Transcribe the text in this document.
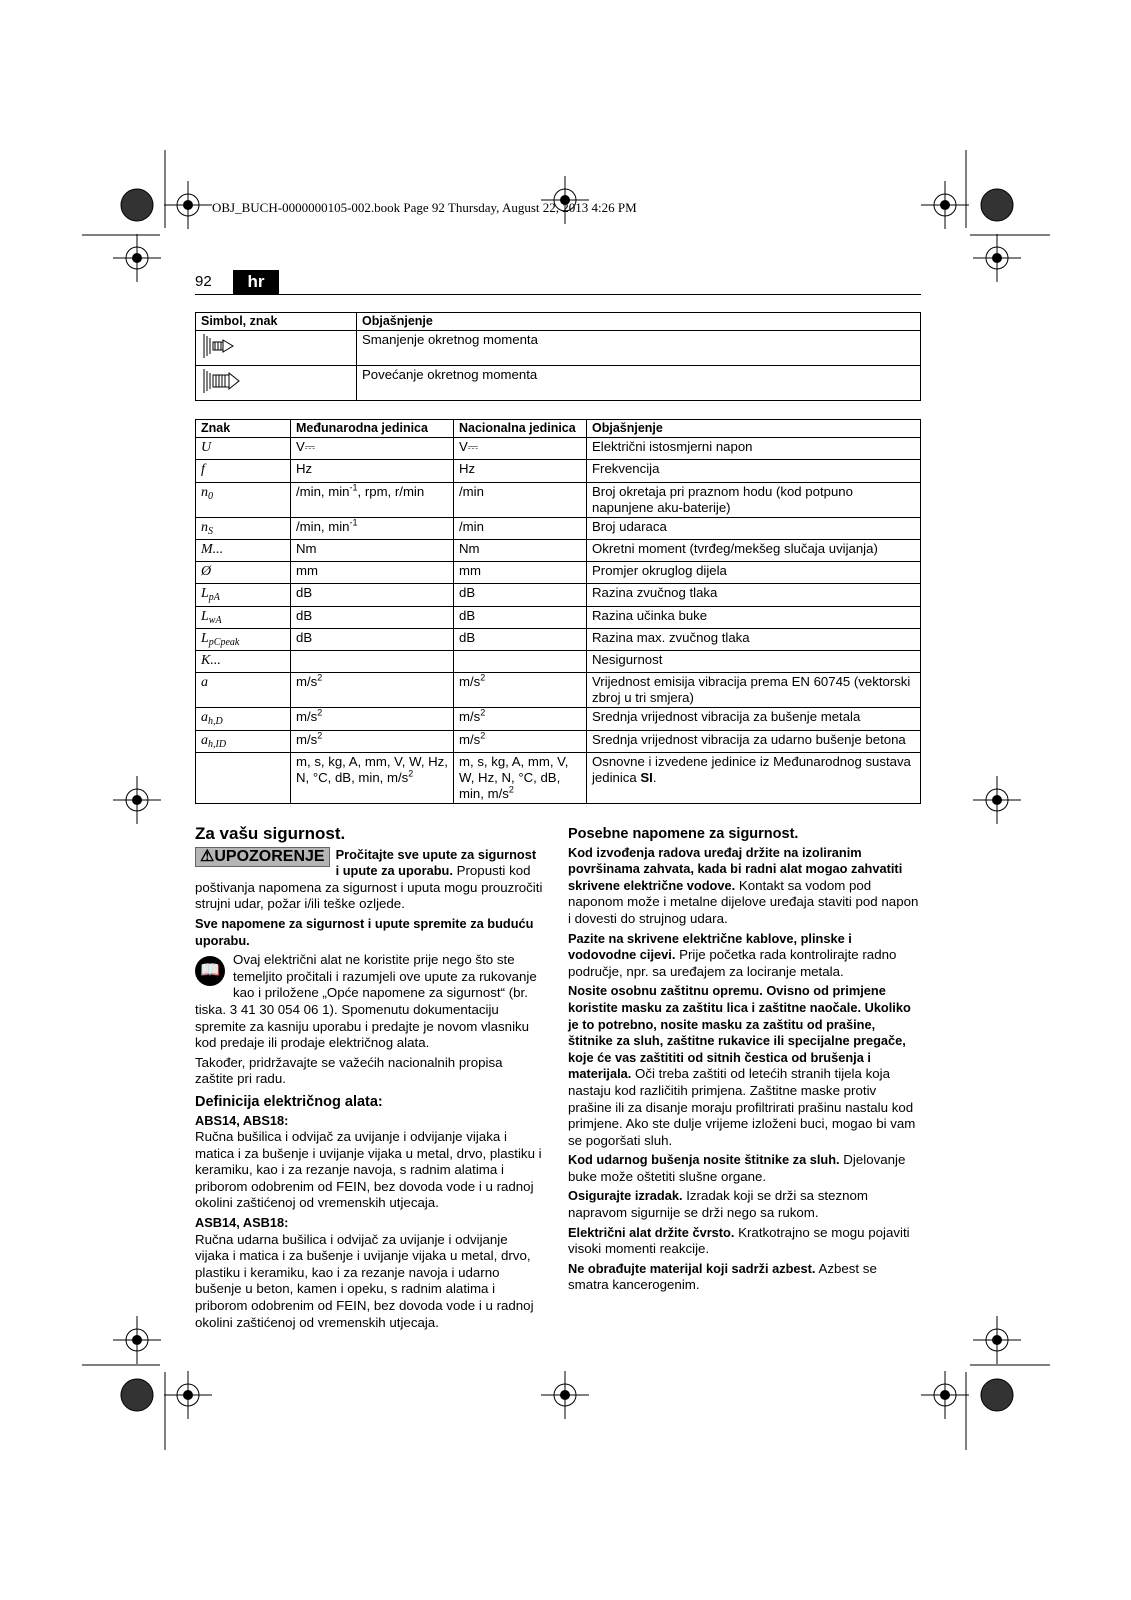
OBJ_BUCH-0000000105-002.book Page 92 Thursday, August 22, 2013 4:26 PM
92	hr
Simbol, znak	Objašnjenje
	Smanjenje okretnog momenta
	Povećanje okretnog momenta
Znak	Međunarodna jedinica	Nacionalna jedinica	Objašnjenje
U	V⎓	V⎓	Električni istosmjerni napon
f	Hz	Hz	Frekvencija
$n_0$	/min, $\min^{-1}$, rpm, r/min	/min	Broj okretaja pri praznom hodu (kod potpuno napunjene aku-baterije)
$n_S$	/min, $\min^{-1}$	/min	Broj udaraca
M...	Nm	Nm	Okretni moment (tvrđeg/mekšeg slučaja uvijanja)
Ø	mm	mm	Promjer okruglog dijela
$L_{pA}$	dB	dB	Razina zvučnog tlaka
$L_{wA}$	dB	dB	Razina učinka buke
$L_{pCpeak}$	dB	dB	Razina max. zvučnog tlaka
K...			Nesigurnost
a	$m/s^2$	$m/s^2$	Vrijednost emisija vibracija prema EN 60745 (vektorski zbroj u tri smjera)
$a_{h,D}$	$m/s^2$	$m/s^2$	Srednja vrijednost vibracija za bušenje metala
$a_{h,ID}$	$m/s^2$	$m/s^2$	Srednja vrijednost vibracija za udarno bušenje betona
	m, s, kg, A, mm, V, W, Hz, N, °C, dB, min, $m/s^2$	m, s, kg, A, mm, V, W, Hz, N, °C, dB, min, $m/s^2$	Osnovne i izvedene jedinice iz Međunarodnog sustava jedinica SI.
Za vašu sigurnost.

⚠UPOZORENJE Pročitajte sve upute za sigurnost i upute za uporabu. Propusti kod poštivanja napomena za sigurnost i uputa mogu prouzročiti strujni udar, požar i/ili teške ozljede.

Sve napomene za sigurnost i upute spremite za buduću uporabu.

📖
Ovaj električni alat ne koristite prije nego što ste temeljito pročitali i razumjeli ove upute za rukovanje kao i priložene „Opće napomene za sigurnost“ (br. tiska. 3 41 30 054 06 1). Spomenutu dokumentaciju spremite za kasniju uporabu i predajte je novom vlasniku kod predaje ili prodaje električnog alata.

Također, pridržavajte se važećih nacionalnih propisa zaštite pri radu.

Definicija električnog alata:
ABS14, ABS18:

Ručna bušilica i odvijač za uvijanje i odvijanje vijaka i matica i za bušenje i uvijanje vijaka u metal, drvo, plastiku i keramiku, kao i za rezanje navoja, s radnim alatima i priborom odobrenim od FEIN, bez dovoda vode i u radnoj okolini zaštićenoj od vremenskih utjecaja.

ASB14, ASB18:

Ručna udarna bušilica i odvijač za uvijanje i odvijanje vijaka i matica i za bušenje i uvijanje vijaka u metal, drvo, plastiku i keramiku, kao i za rezanje navoja i udarno bušenje u beton, kamen i opeku, s radnim alatima i priborom odobrenim od FEIN, bez dovoda vode i u radnoj okolini zaštićenoj od vremenskih utjecaja.

Posebne napomene za sigurnost.

Kod izvođenja radova uređaj držite na izoliranim površinama zahvata, kada bi radni alat mogao zahvatiti skrivene električne vodove. Kontakt sa vodom pod naponom može i metalne dijelove uređaja staviti pod napon i dovesti do strujnog udara.

Pazite na skrivene električne kablove, plinske i vodovodne cijevi. Prije početka rada kontrolirajte radno područje, npr. sa uređajem za lociranje metala.

Nosite osobnu zaštitnu opremu. Ovisno od primjene koristite masku za zaštitu lica i zaštitne naočale. Ukoliko je to potrebno, nosite masku za zaštitu od prašine, štitnike za sluh, zaštitne rukavice ili specijalne pregače, koje će vas zaštititi od sitnih čestica od brušenja i materijala. Oči treba zaštiti od letećih stranih tijela koja nastaju kod različitih primjena. Zaštitne maske protiv prašine ili za disanje moraju profiltrirati prašinu nastalu kod primjene. Ako ste dulje vrijeme izloženi buci, mogao bi vam se pogoršati sluh.

Kod udarnog bušenja nosite štitnike za sluh. Djelovanje buke može oštetiti slušne organe.

Osigurajte izradak. Izradak koji se drži sa steznom napravom sigurnije se drži nego sa rukom.

Električni alat držite čvrsto. Kratkotrajno se mogu pojaviti visoki momenti reakcije.

Ne obrađujte materijal koji sadrži azbest. Azbest se smatra kancerogenim.
